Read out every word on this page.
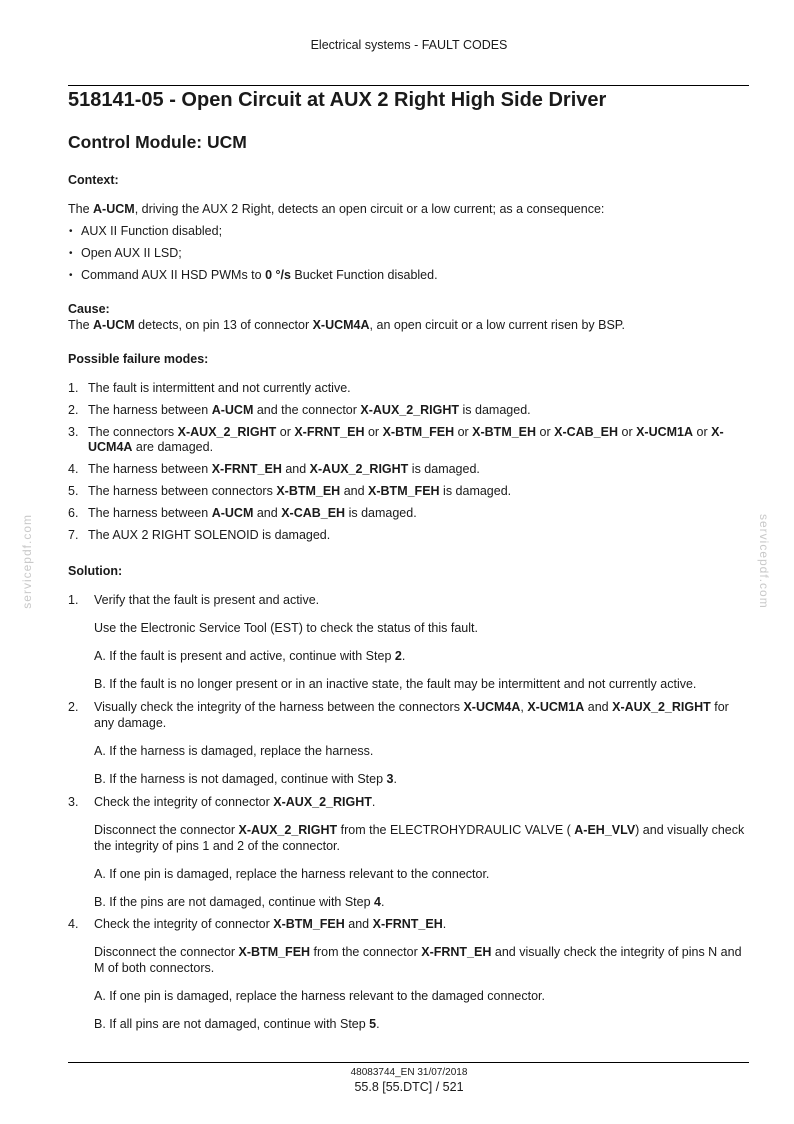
Electrical systems - FAULT CODES
518141-05 - Open Circuit at AUX 2 Right High Side Driver
Control Module: UCM
Context:

The A-UCM, driving the AUX 2 Right, detects an open circuit or a low current; as a consequence:

• AUX II Function disabled;
• Open AUX II LSD;
• Command AUX II HSD PWMs to 0 °/s Bucket Function disabled.
Cause:

The A-UCM detects, on pin 13 of connector X-UCM4A, an open circuit or a low current risen by BSP.

Possible failure modes:
1. The fault is intermittent and not currently active.
2. The harness between A-UCM and the connector X-AUX_2_RIGHT is damaged.
3. The connectors X-AUX_2_RIGHT or X-FRNT_EH or X-BTM_FEH or X-BTM_EH or X-CAB_EH or X-UCM1A or X-UCM4A are damaged.
4. The harness between X-FRNT_EH and X-AUX_2_RIGHT is damaged.
5. The harness between connectors X-BTM_EH and X-BTM_FEH is damaged.
6. The harness between A-UCM and X-CAB_EH is damaged.
7. The AUX 2 RIGHT SOLENOID is damaged.
Solution:
1. Verify that the fault is present and active.

Use the Electronic Service Tool (EST) to check the status of this fault.

A. If the fault is present and active, continue with Step 2.

B. If the fault is no longer present or in an inactive state, the fault may be intermittent and not currently active.

2. Visually check the integrity of the harness between the connectors X-UCM4A, X-UCM1A and X-AUX_2_RIGHT for any damage.

A. If the harness is damaged, replace the harness.

B. If the harness is not damaged, continue with Step 3.

3. Check the integrity of connector X-AUX_2_RIGHT.

Disconnect the connector X-AUX_2_RIGHT from the ELECTROHYDRAULIC VALVE ( A-EH_VLV) and visually check the integrity of pins 1 and 2 of the connector.

A. If one pin is damaged, replace the harness relevant to the connector.

B. If the pins are not damaged, continue with Step 4.

4. Check the integrity of connector X-BTM_FEH and X-FRNT_EH.

Disconnect the connector X-BTM_FEH from the connector X-FRNT_EH and visually check the integrity of pins N and M of both connectors.

A. If one pin is damaged, replace the harness relevant to the damaged connector.

B. If all pins are not damaged, continue with Step 5.

servicepdf.com	servicepdf.com
48083744_EN 31/07/2018
55.8 [55.DTC] / 521
